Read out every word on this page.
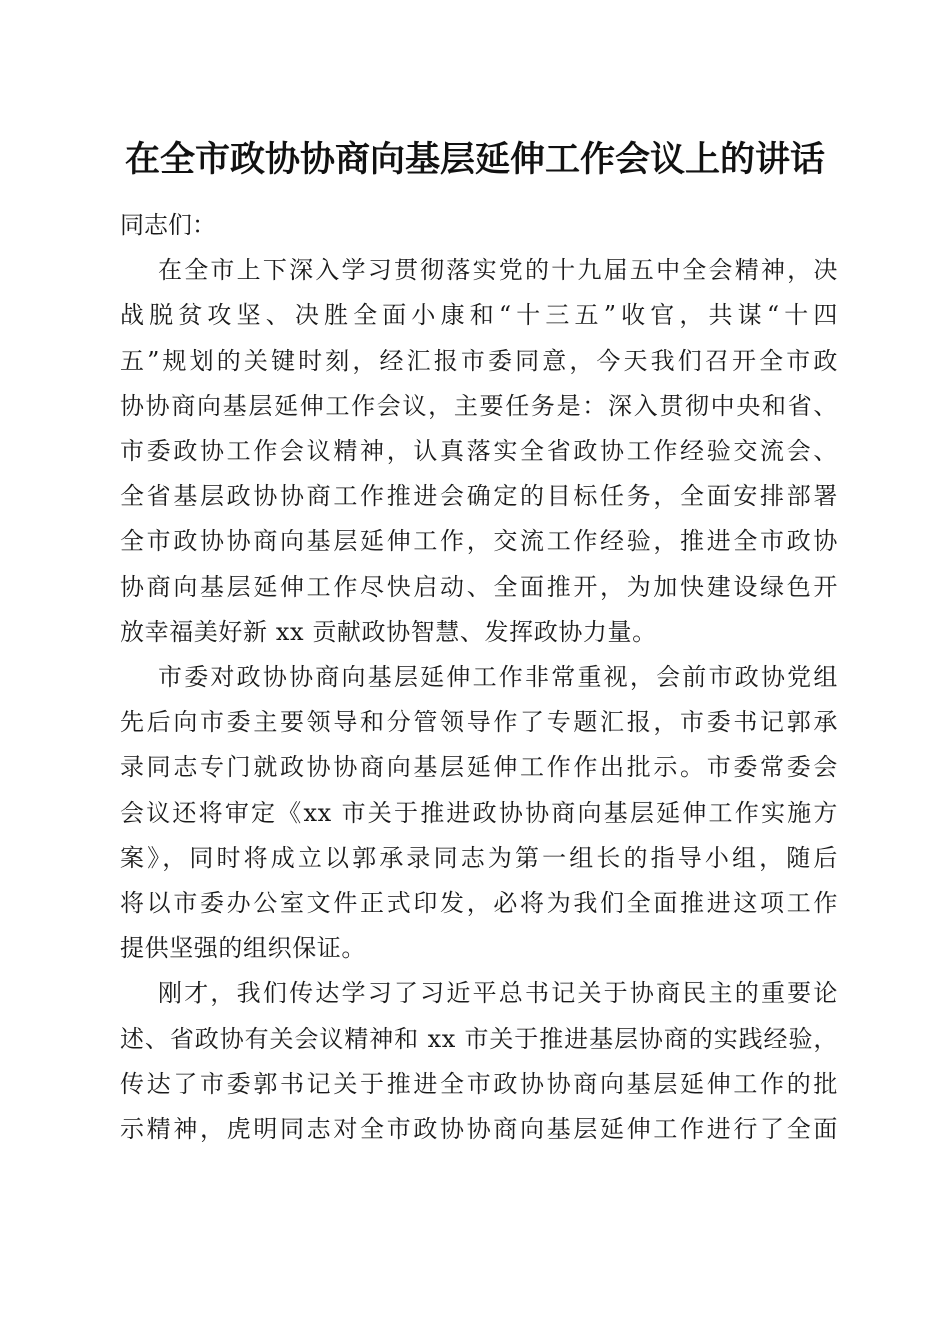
在全市政协协商向基层延伸工作会议上的讲话

同志们：

在全市上下深入学习贯彻落实党的十九届五中全会精神，决
战脱贫攻坚、决胜全面小康和“十三五”收官，共谋“十四
五”规划的关键时刻，经汇报市委同意，今天我们召开全市政
协协商向基层延伸工作会议，主要任务是：深入贯彻中央和省、
市委政协工作会议精神，认真落实全省政协工作经验交流会、
全省基层政协协商工作推进会确定的目标任务，全面安排部署
全市政协协商向基层延伸工作，交流工作经验，推进全市政协
协商向基层延伸工作尽快启动、全面推开，为加快建设绿色开
放幸福美好新 xx 贡献政协智慧、发挥政协力量。

市委对政协协商向基层延伸工作非常重视，会前市政协党组
先后向市委主要领导和分管领导作了专题汇报，市委书记郭承
录同志专门就政协协商向基层延伸工作作出批示。市委常委会
会议还将审定《xx 市关于推进政协协商向基层延伸工作实施方
案》，同时将成立以郭承录同志为第一组长的指导小组，随后
将以市委办公室文件正式印发，必将为我们全面推进这项工作
提供坚强的组织保证。

刚才，我们传达学习了习近平总书记关于协商民主的重要论
述、省政协有关会议精神和 xx 市关于推进基层协商的实践经验，
传达了市委郭书记关于推进全市政协协商向基层延伸工作的批
示精神，虎明同志对全市政协协商向基层延伸工作进行了全面
